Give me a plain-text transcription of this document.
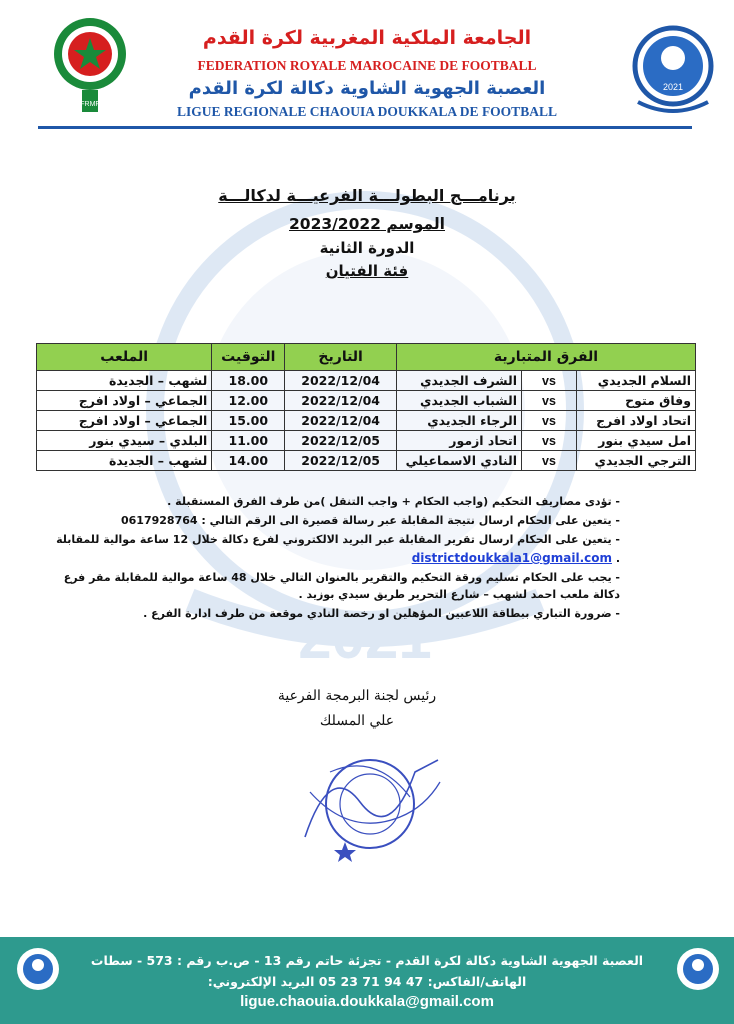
2021
FRMF
الجامعة الملكية المغربية لكرة القدم
FEDERATION ROYALE MAROCAINE DE FOOTBALL
العصبة الجهوية الشاوية دكالة لكرة القدم
LIGUE REGIONALE CHAOUIA DOUKKALA DE FOOTBALL
2021
برنامـــج البطولـــة الفرعيـــة لدكالـــة
الموسم 2023/2022
الدورة الثانية
فئة الفتيان
الفرق المتبارية			التاريخ	التوقيت	الملعب
السلام الجديدي	vs	الشرف الجديدي	2022/12/04	18.00	لشهب – الجديدة
وفاق متوح	vs	الشباب الجديدي	2022/12/04	12.00	الجماعي – اولاد افرج
اتحاد اولاد افرج	vs	الرجاء الجديدي	2022/12/04	15.00	الجماعي – اولاد افرج
امل سيدي بنور	vs	اتحاد ازمور	2022/12/05	11.00	البلدي – سيدي بنور
الترجي الجديدي	vs	النادي الاسماعيلي	2022/12/05	14.00	لشهب – الجديدة

- تؤدى مصاريف التحكيم (واجب الحكام + واجب التنقل )من طرف الفرق المستقبلة .

- يتعين على الحكام ارسال نتيجة المقابلة عبر رسالة قصيرة الى الرقم التالي : 0617928764

- يتعين على الحكام ارسال تقرير المقابلة عبر البريد الالكتروني لفرع دكالة خلال 12 ساعة موالية للمقابلة

districtdoukkala1@gmail.com .

- يجب على الحكام تسليم ورقة التحكيم والتقرير بالعنوان التالي خلال 48 ساعة موالية للمقابلة مقر فرع دكالة ملعب احمد لشهب – شارع التحرير طريق سيدي بوزيد .

- ضرورة التباري ببطاقة اللاعبين المؤهلين او رخصة النادي موقعة من طرف ادارة الفرع .

رئيس لجنة البرمجة الفرعية
علي المسلك
العصبة الجهوية الشاوية دكالة لكرة القدم - تجزئة حاتم رقم 13 - ص.ب رقم : 573 - سطات
الهاتف/الفاكس: 47 94 71 23 05 البريد الإلكتروني:
ligue.chaouia.doukkala@gmail.com
